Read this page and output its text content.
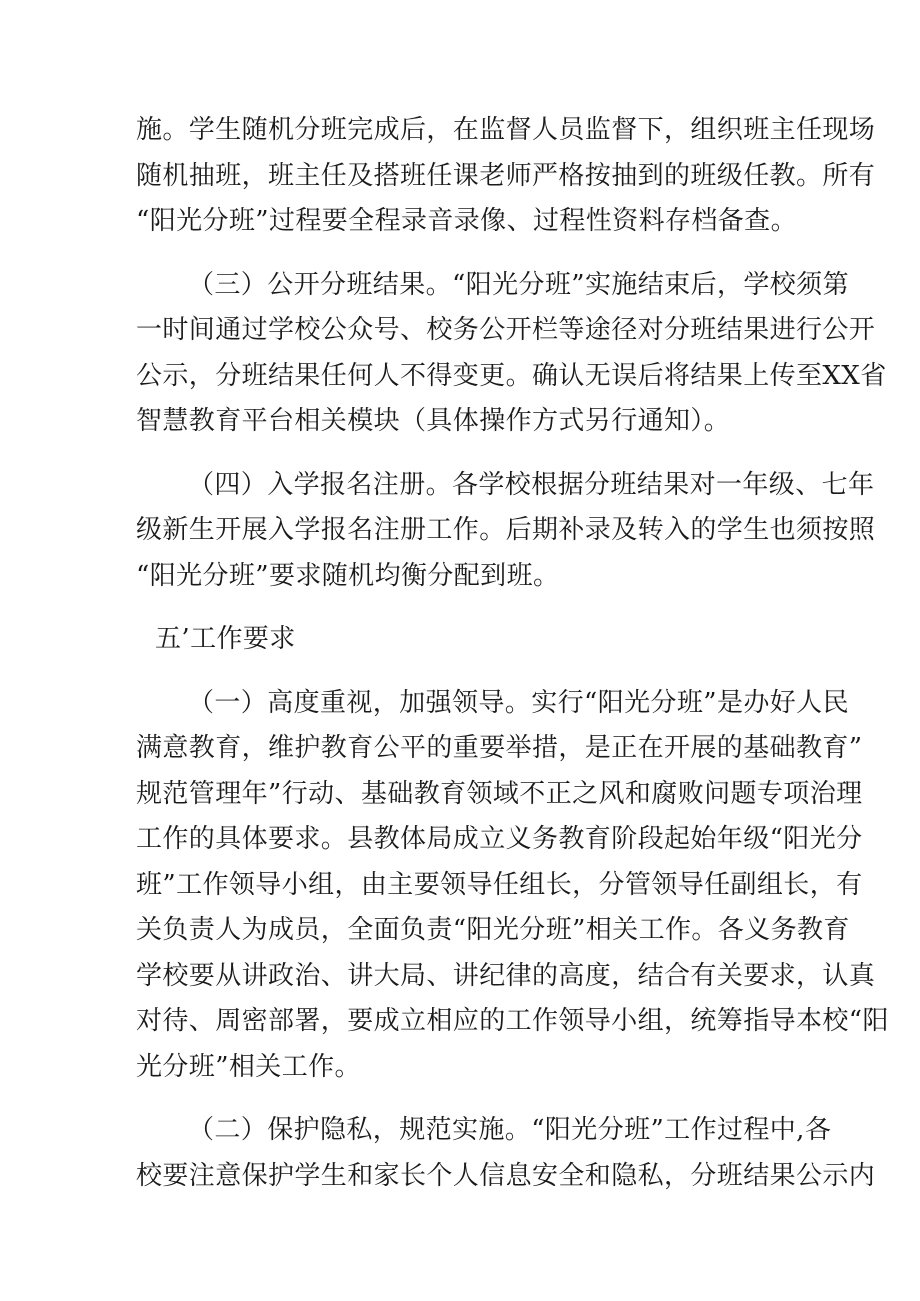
施。学生随机分班完成后，在监督人员监督下，组织班主任现场
随机抽班，班主任及搭班任课老师严格按抽到的班级任教。所有
“阳光分班”过程要全程录音录像、过程性资料存档备查。

（三）公开分班结果。“阳光分班”实施结束后，学校须第
一时间通过学校公众号、校务公开栏等途径对分班结果进行公开
公示，分班结果任何人不得变更。确认无误后将结果上传至XX省
智慧教育平台相关模块（具体操作方式另行通知）。

（四）入学报名注册。各学校根据分班结果对一年级、七年
级新生开展入学报名注册工作。后期补录及转入的学生也须按照
“阳光分班”要求随机均衡分配到班。

五’工作要求

（一）高度重视，加强领导。实行“阳光分班”是办好人民
满意教育，维护教育公平的重要举措，是正在开展的基础教育”
规范管理年”行动、基础教育领域不正之风和腐败问题专项治理
工作的具体要求。县教体局成立义务教育阶段起始年级“阳光分
班”工作领导小组，由主要领导任组长，分管领导任副组长，有
关负责人为成员，全面负责“阳光分班”相关工作。各义务教育
学校要从讲政治、讲大局、讲纪律的高度，结合有关要求，认真
对待、周密部署，要成立相应的工作领导小组，统筹指导本校“阳
光分班”相关工作。

（二）保护隐私，规范实施。“阳光分班”工作过程中,各
校要注意保护学生和家长个人信息安全和隐私，分班结果公示内
